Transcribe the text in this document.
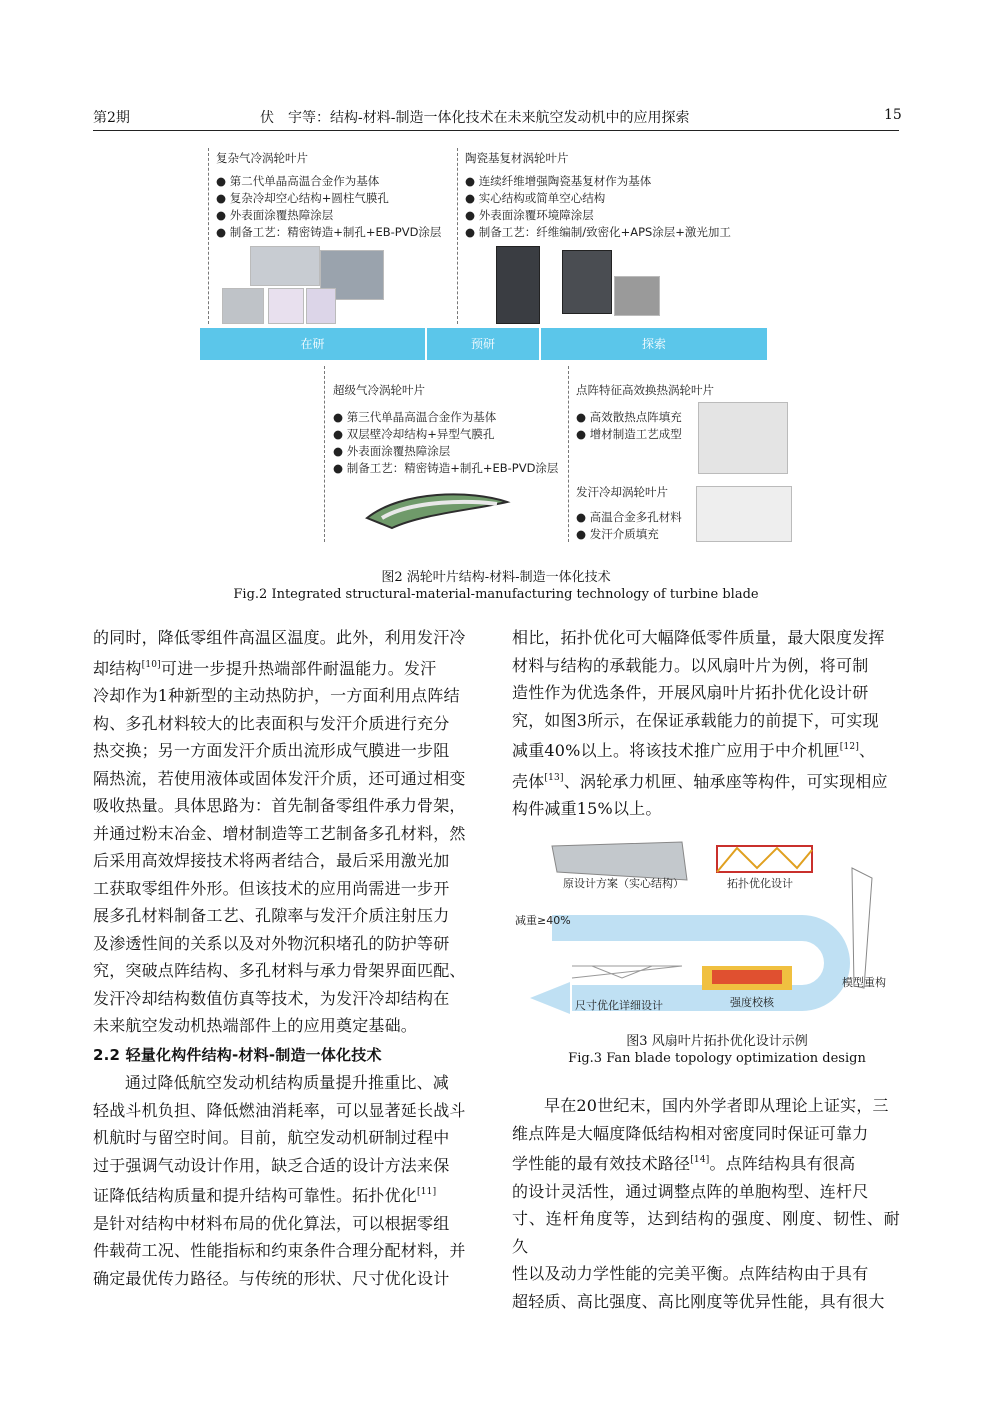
第2期	伏　宇等：结构-材料-制造一体化技术在未来航空发动机中的应用探索	15
复杂气冷涡轮叶片
● 第二代单晶高温合金作为基体
● 复杂冷却空心结构+圆柱气膜孔
● 外表面涂覆热障涂层
● 制备工艺：精密铸造+制孔+EB-PVD涂层
陶瓷基复材涡轮叶片
● 连续纤维增强陶瓷基复材作为基体
● 实心结构或简单空心结构
● 外表面涂覆环境障涂层
● 制备工艺：纤维编制/致密化+APS涂层+激光加工
在研	预研	探索
超级气冷涡轮叶片
● 第三代单晶高温合金作为基体
● 双层壁冷却结构+异型气膜孔
● 外表面涂覆热障涂层
● 制备工艺：精密铸造+制孔+EB-PVD涂层
点阵特征高效换热涡轮叶片
● 高效散热点阵填充
● 增材制造工艺成型
发汗冷却涡轮叶片
● 高温合金多孔材料
● 发汗介质填充
图2 涡轮叶片结构-材料-制造一体化技术
Fig.2 Integrated structural-material-manufacturing technology of turbine blade
的同时，降低零组件高温区温度。此外，利用发汗冷
却结构[10]可进一步提升热端部件耐温能力。发汗
冷却作为1种新型的主动热防护，一方面利用点阵结
构、多孔材料较大的比表面积与发汗介质进行充分
热交换；另一方面发汗介质出流形成气膜进一步阻
隔热流，若使用液体或固体发汗介质，还可通过相变
吸收热量。具体思路为：首先制备零组件承力骨架，
并通过粉末冶金、增材制造等工艺制备多孔材料，然
后采用高效焊接技术将两者结合，最后采用激光加
工获取零组件外形。但该技术的应用尚需进一步开
展多孔材料制备工艺、孔隙率与发汗介质注射压力
及渗透性间的关系以及对外物沉积堵孔的防护等研
究，突破点阵结构、多孔材料与承力骨架界面匹配、
发汗冷却结构数值仿真等技术，为发汗冷却结构在
未来航空发动机热端部件上的应用奠定基础。
2.2 轻量化构件结构-材料-制造一体化技术
通过降低航空发动机结构质量提升推重比、减
轻战斗机负担、降低燃油消耗率，可以显著延长战斗
机航时与留空时间。目前，航空发动机研制过程中
过于强调气动设计作用，缺乏合适的设计方法来保
证降低结构质量和提升结构可靠性。拓扑优化[11]
是针对结构中材料布局的优化算法，可以根据零组
件载荷工况、性能指标和约束条件合理分配材料，并
确定最优传力路径。与传统的形状、尺寸优化设计
相比，拓扑优化可大幅降低零件质量，最大限度发挥
材料与结构的承载能力。以风扇叶片为例，将可制
造性作为优选条件，开展风扇叶片拓扑优化设计研
究，如图3所示，在保证承载能力的前提下，可实现
减重40%以上。将该技术推广应用于中介机匣[12]、
壳体[13]、涡轮承力机匣、轴承座等构件，可实现相应
构件减重15%以上。
原设计方案（实心结构）	拓扑优化设计
减重≥40%
模型重构
强度校核
尺寸优化详细设计
图3 风扇叶片拓扑优化设计示例
Fig.3 Fan blade topology optimization design
早在20世纪末，国内外学者即从理论上证实，三
维点阵是大幅度降低结构相对密度同时保证可靠力
学性能的最有效技术路径[14]。点阵结构具有很高
的设计灵活性，通过调整点阵的单胞构型、连杆尺
寸、连杆角度等，达到结构的强度、刚度、韧性、耐久
性以及动力学性能的完美平衡。点阵结构由于具有
超轻质、高比强度、高比刚度等优异性能，具有很大
